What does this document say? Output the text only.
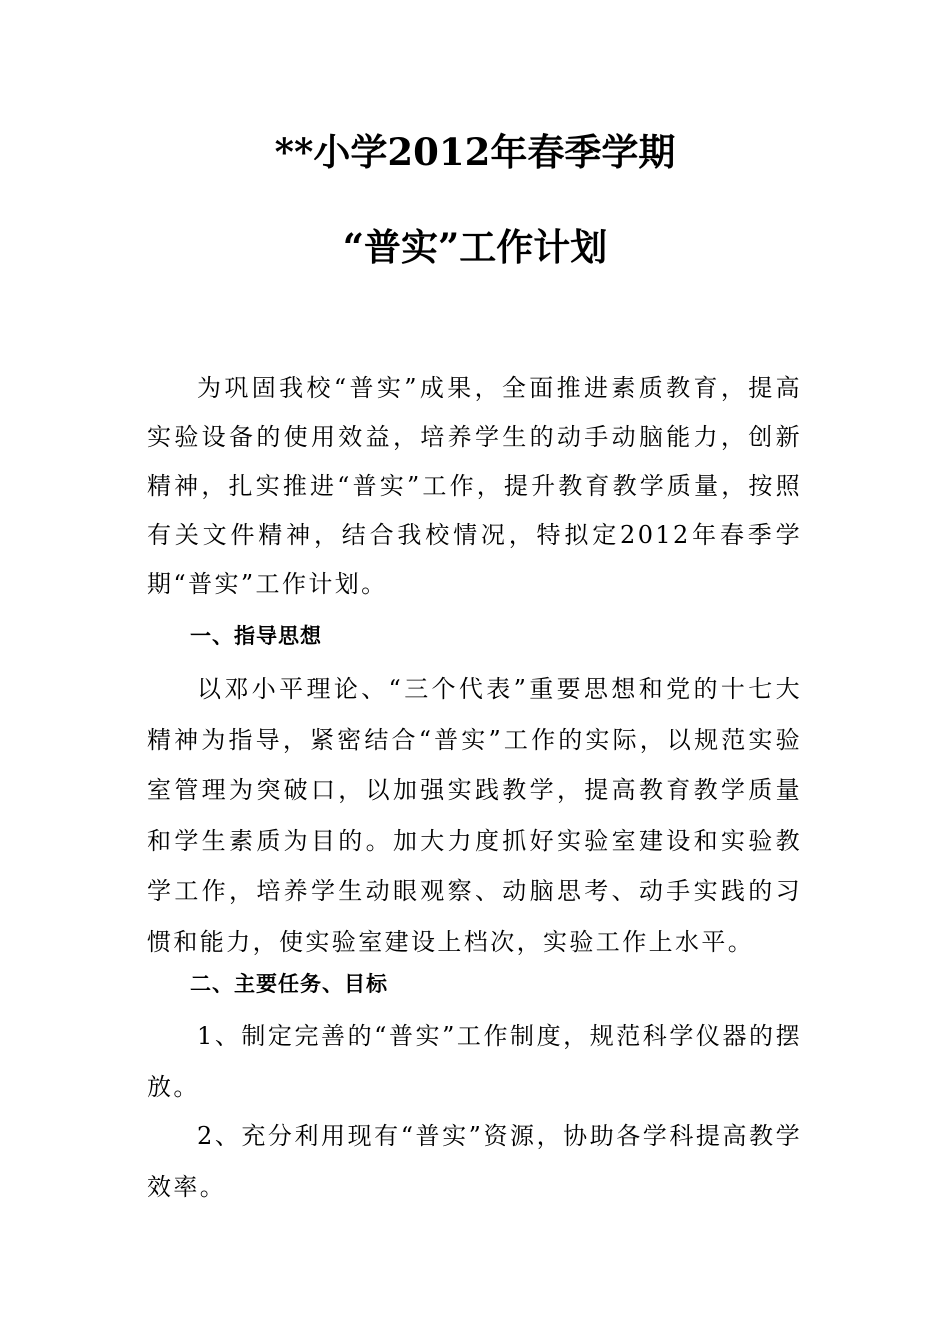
**小学2012年春季学期
“普实”工作计划
为巩固我校“普实”成果，全面推进素质教育，提高实验设备的使用效益，培养学生的动手动脑能力，创新精神，扎实推进“普实”工作，提升教育教学质量，按照有关文件精神，结合我校情况，特拟定2012年春季学期“普实”工作计划。
一、指导思想
以邓小平理论、“三个代表”重要思想和党的十七大精神为指导，紧密结合“普实”工作的实际，以规范实验室管理为突破口，以加强实践教学，提高教育教学质量和学生素质为目的。加大力度抓好实验室建设和实验教学工作，培养学生动眼观察、动脑思考、动手实践的习惯和能力，使实验室建设上档次，实验工作上水平。
二、主要任务、目标
1、制定完善的“普实”工作制度，规范科学仪器的摆放。
2、充分利用现有“普实”资源，协助各学科提高教学效率。
